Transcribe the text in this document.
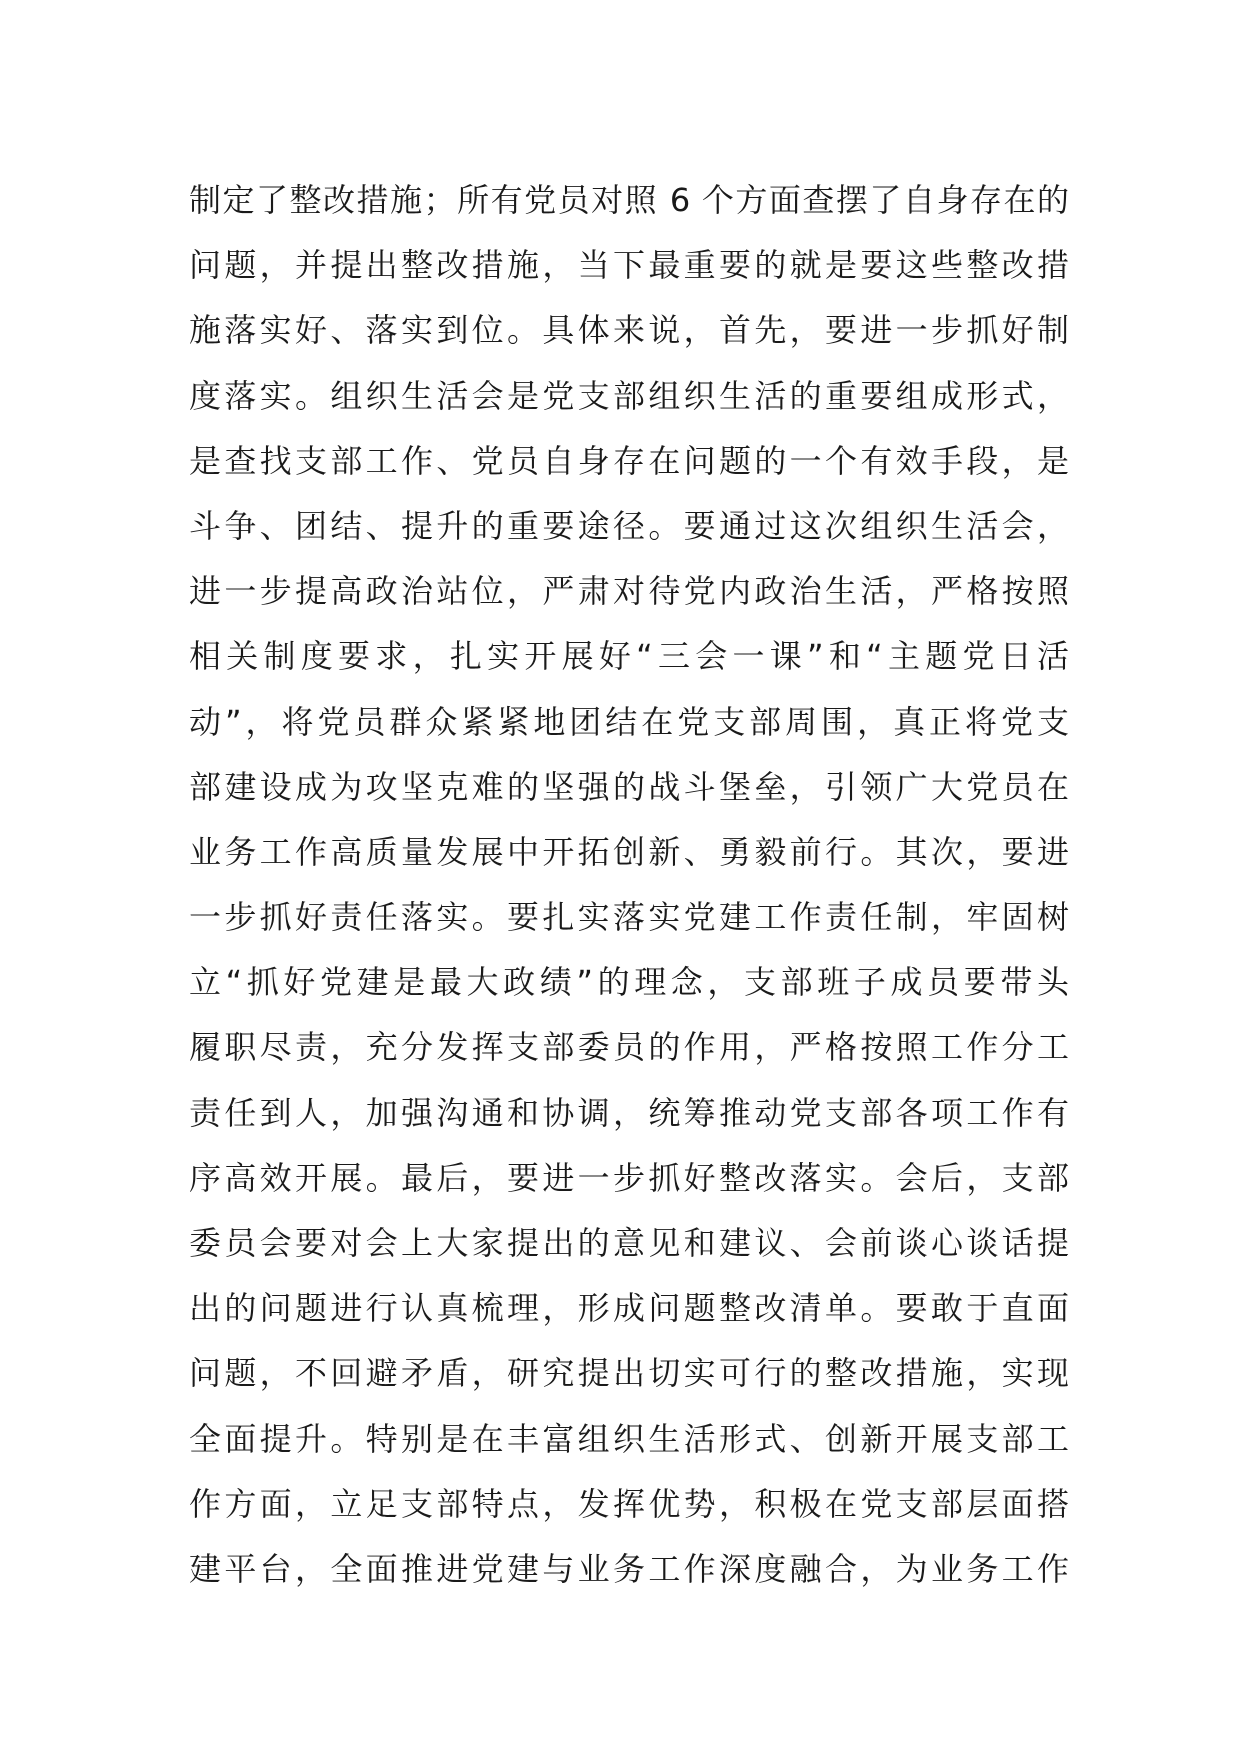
制定了整改措施；所有党员对照 6 个方面查摆了自身存在的
问题，并提出整改措施，当下最重要的就是要这些整改措
施落实好、落实到位。具体来说，首先，要进一步抓好制
度落实。组织生活会是党支部组织生活的重要组成形式，
是查找支部工作、党员自身存在问题的一个有效手段，是
斗争、团结、提升的重要途径。要通过这次组织生活会，
进一步提高政治站位，严肃对待党内政治生活，严格按照
相关制度要求，扎实开展好“三会一课”和“主题党日活
动”，将党员群众紧紧地团结在党支部周围，真正将党支
部建设成为攻坚克难的坚强的战斗堡垒，引领广大党员在
业务工作高质量发展中开拓创新、勇毅前行。其次，要进
一步抓好责任落实。要扎实落实党建工作责任制，牢固树
立“抓好党建是最大政绩”的理念，支部班子成员要带头
履职尽责，充分发挥支部委员的作用，严格按照工作分工
责任到人，加强沟通和协调，统筹推动党支部各项工作有
序高效开展。最后，要进一步抓好整改落实。会后，支部
委员会要对会上大家提出的意见和建议、会前谈心谈话提
出的问题进行认真梳理，形成问题整改清单。要敢于直面
问题，不回避矛盾，研究提出切实可行的整改措施，实现
全面提升。特别是在丰富组织生活形式、创新开展支部工
作方面，立足支部特点，发挥优势，积极在党支部层面搭
建平台，全面推进党建与业务工作深度融合，为业务工作
